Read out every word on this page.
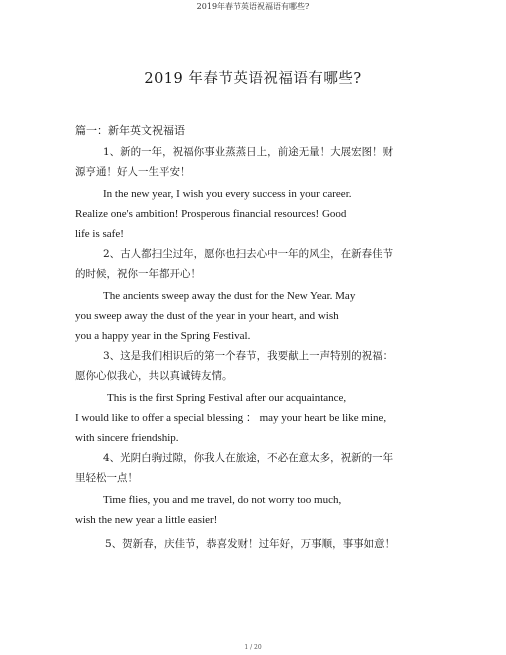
2019年春节英语祝福语有哪些?
2019 年春节英语祝福语有哪些?
篇一：新年英文祝福语

1、新的一年，祝福你事业蒸蒸日上，前途无量！大展宏图！财
源亨通！好人一生平安！

In the new year, I wish you every success in your career.
Realize one's ambition! Prosperous financial resources! Good
life is safe!

2、古人都扫尘过年，愿你也扫去心中一年的风尘，在新春佳节
的时候，祝你一年都开心！

The ancients sweep away the dust for the New Year. May
you sweep away the dust of the year in your heart, and wish
you a happy year in the Spring Festival.

3、这是我们相识后的第一个春节，我要献上一声特别的祝福：
愿你心似我心，共以真诚铸友情。

This is the first Spring Festival after our acquaintance,
I would like to offer a special blessing ： may your heart be like mine,
with sincere friendship.

4、光阴白驹过隙，你我人在旅途，不必在意太多，祝新的一年
里轻松一点！

Time flies, you and me travel, do not worry too much,
wish the new year a little easier!

5、贺新春，庆佳节，恭喜发财！过年好，万事顺，事事如意！

1 / 20
